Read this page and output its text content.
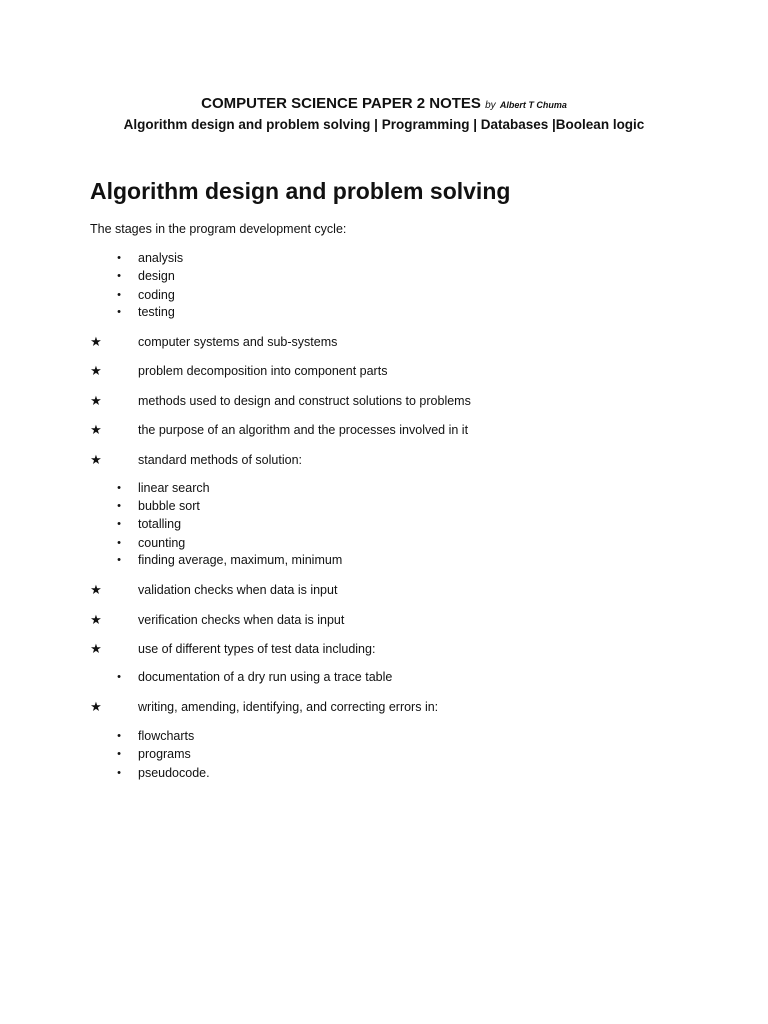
COMPUTER SCIENCE PAPER 2 NOTES by Albert T Chuma
Algorithm design and problem solving | Programming | Databases |Boolean logic
Algorithm design and problem solving
The stages in the program development cycle:
•	analysis
•	design
•	coding
•	testing
★	computer systems and sub-systems
★	problem decomposition into component parts
★	methods used to design and construct solutions to problems
★	the purpose of an algorithm and the processes involved in it
★	standard methods of solution:
•	linear search
•	bubble sort
•	totalling
•	counting
•	finding average, maximum, minimum
★	validation checks when data is input
★	verification checks when data is input
★	use of different types of test data including:
•	documentation of a dry run using a trace table
★	writing, amending, identifying, and correcting errors in:
•	flowcharts
•	programs
•	pseudocode.
